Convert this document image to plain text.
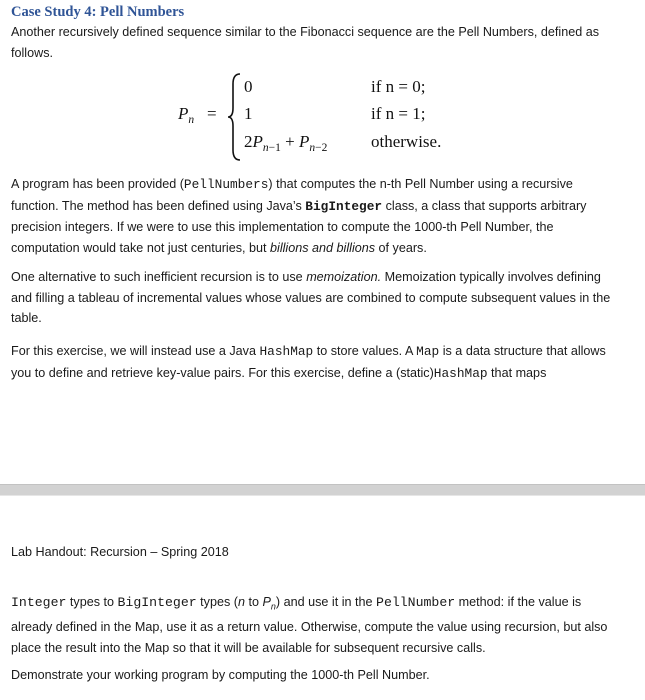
Case Study 4: Pell Numbers

Another recursively defined sequence similar to the Fibonacci sequence are the Pell Numbers, defined as follows.

$P_n$ =
0
1
$2P_{n-1} + P_{n-2}$
if n = 0;
if n = 1;
otherwise.

A program has been provided (PellNumbers) that computes the n-th Pell Number using a recursive function. The method has been defined using Java’s BigInteger class, a class that supports arbitrary precision integers. If we were to use this implementation to compute the 1000-th Pell Number, the computation would take not just centuries, but billions and billions of years.

One alternative to such inefficient recursion is to use memoization. Memoization typically involves defining and filling a tableau of incremental values whose values are combined to compute subsequent values in the table.

For this exercise, we will instead use a Java HashMap to store values. A Map is a data structure that allows you to define and retrieve key-value pairs. For this exercise, define a (static)HashMap that maps

Lab Handout: Recursion – Spring 2018

Integer types to BigInteger types (n to $P_n$) and use it in the PellNumber method: if the value is already defined in the Map, use it as a return value. Otherwise, compute the value using recursion, but also place the result into the Map so that it will be available for subsequent recursive calls.

Demonstrate your working program by computing the 1000-th Pell Number.
